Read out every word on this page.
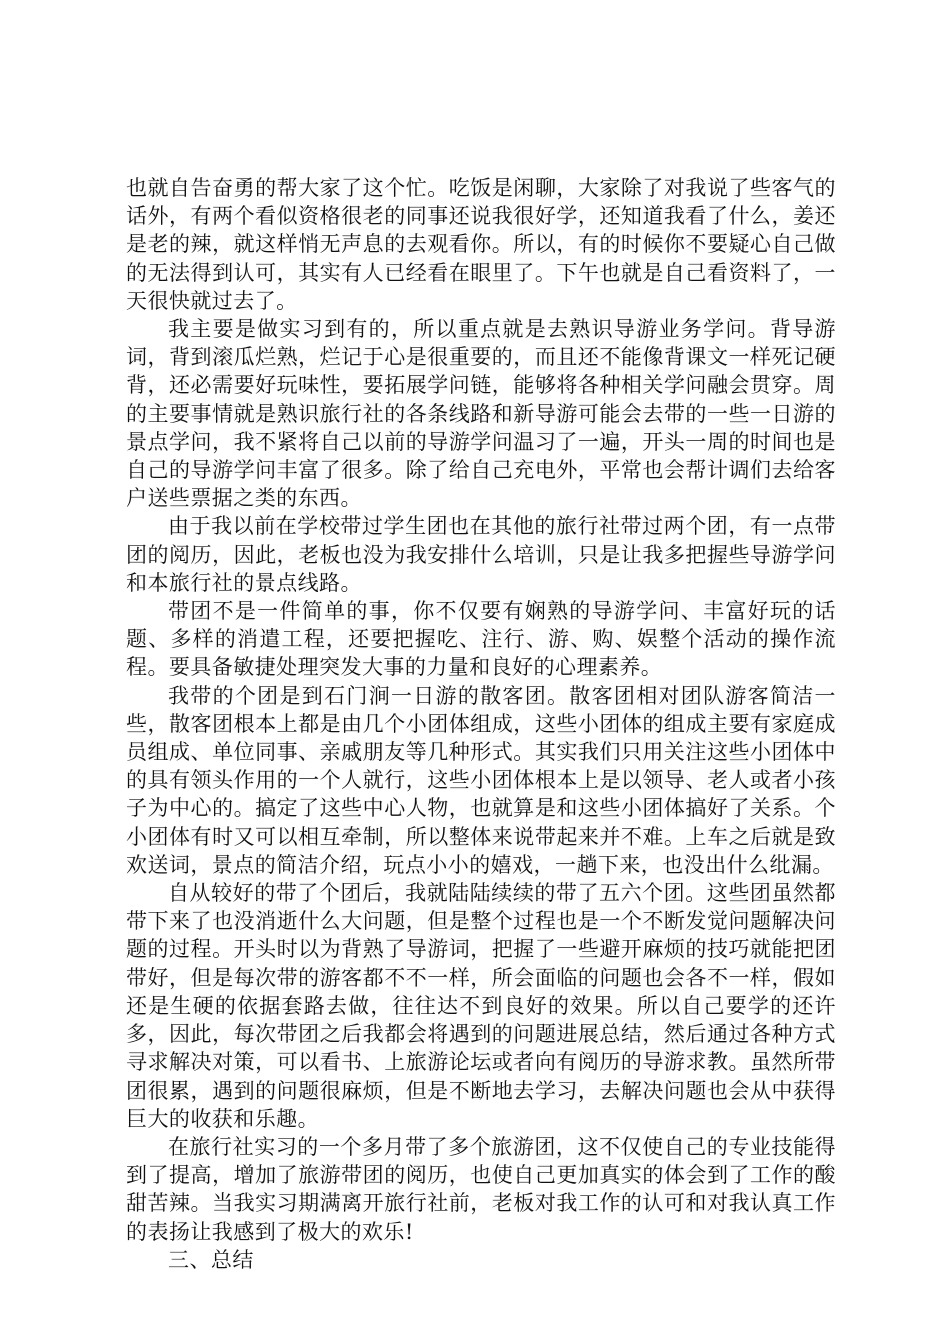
也就自告奋勇的帮大家了这个忙。吃饭是闲聊，大家除了对我说了些客气的话外，有两个看似资格很老的同事还说我很好学，还知道我看了什么，姜还是老的辣，就这样悄无声息的去观看你。所以，有的时候你不要疑心自己做的无法得到认可，其实有人已经看在眼里了。下午也就是自己看资料了，一天很快就过去了。

我主要是做实习到有的，所以重点就是去熟识导游业务学问。背导游词，背到滚瓜烂熟，烂记于心是很重要的，而且还不能像背课文一样死记硬背，还必需要好玩味性，要拓展学问链，能够将各种相关学问融会贯穿。周的主要事情就是熟识旅行社的各条线路和新导游可能会去带的一些一日游的景点学问，我不紧将自己以前的导游学问温习了一遍，开头一周的时间也是自己的导游学问丰富了很多。除了给自己充电外，平常也会帮计调们去给客户送些票据之类的东西。

由于我以前在学校带过学生团也在其他的旅行社带过两个团，有一点带团的阅历，因此，老板也没为我安排什么培训，只是让我多把握些导游学问和本旅行社的景点线路。

带团不是一件简单的事，你不仅要有娴熟的导游学问、丰富好玩的话题、多样的消遣工程，还要把握吃、注行、游、购、娱整个活动的操作流程。要具备敏捷处理突发大事的力量和良好的心理素养。

我带的个团是到石门涧一日游的散客团。散客团相对团队游客简洁一些，散客团根本上都是由几个小团体组成，这些小团体的组成主要有家庭成员组成、单位同事、亲戚朋友等几种形式。其实我们只用关注这些小团体中的具有领头作用的一个人就行，这些小团体根本上是以领导、老人或者小孩子为中心的。搞定了这些中心人物，也就算是和这些小团体搞好了关系。个小团体有时又可以相互牵制，所以整体来说带起来并不难。上车之后就是致欢送词，景点的简洁介绍，玩点小小的嬉戏，一趟下来，也没出什么纰漏。

自从较好的带了个团后，我就陆陆续续的带了五六个团。这些团虽然都带下来了也没消逝什么大问题，但是整个过程也是一个不断发觉问题解决问题的过程。开头时以为背熟了导游词，把握了一些避开麻烦的技巧就能把团带好，但是每次带的游客都不不一样，所会面临的问题也会各不一样，假如还是生硬的依据套路去做，往往达不到良好的效果。所以自己要学的还许多，因此，每次带团之后我都会将遇到的问题进展总结，然后通过各种方式寻求解决对策，可以看书、上旅游论坛或者向有阅历的导游求教。虽然所带团很累，遇到的问题很麻烦，但是不断地去学习，去解决问题也会从中获得巨大的收获和乐趣。

在旅行社实习的一个多月带了多个旅游团，这不仅使自己的专业技能得到了提高，增加了旅游带团的阅历，也使自己更加真实的体会到了工作的酸甜苦辣。当我实习期满离开旅行社前，老板对我工作的认可和对我认真工作的表扬让我感到了极大的欢乐!

三、总结
